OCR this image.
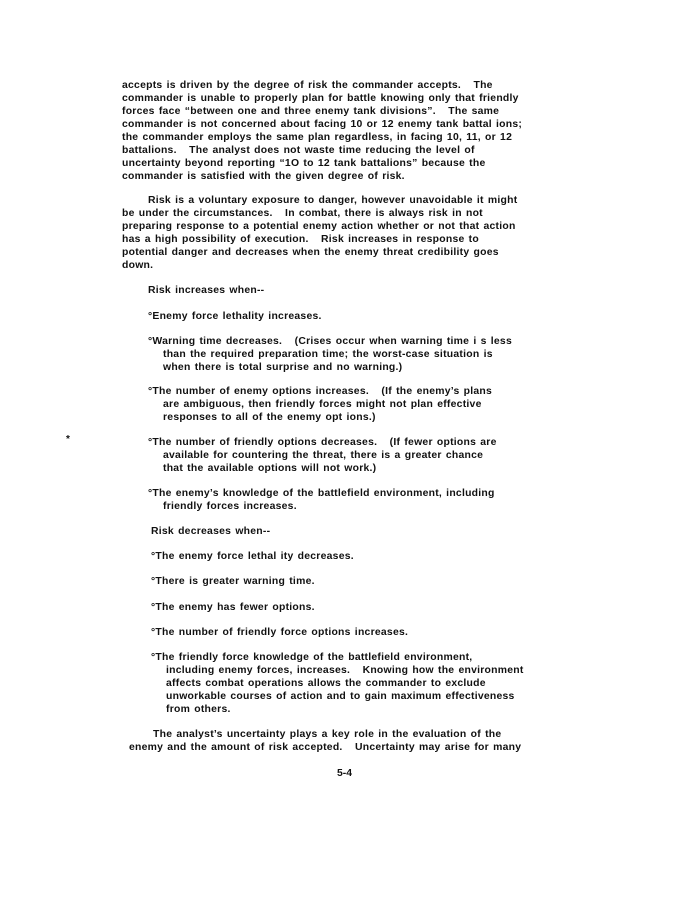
accepts is driven by the degree of risk the commander accepts.   The
commander is unable to properly plan for battle knowing only that friendly
forces face “between one and three enemy tank divisions”.   The same
commander is not concerned about facing 10 or 12 enemy tank battal ions;
the commander employs the same plan regardless, in facing 10, 11, or 12
battalions.   The analyst does not waste time reducing the level of
uncertainty beyond reporting “1O to 12 tank battalions” because the
commander is satisfied with the given degree of risk.
Risk is a voluntary exposure to danger, however unavoidable it might
be under the circumstances.   In combat, there is always risk in not
preparing response to a potential enemy action whether or not that action
has a high possibility of execution.   Risk increases in response to
potential danger and decreases when the enemy threat credibility goes
down.
Risk increases when--
°Enemy force lethality increases.
°Warning time decreases.   (Crises occur when warning time i s less
than the required preparation time; the worst-case situation is
when there is total surprise and no warning.)
°The number of enemy options increases.   (If the enemy’s plans
are ambiguous, then friendly forces might not plan effective
responses to all of the enemy opt ions.)
*	°The number of friendly options decreases.   (If fewer options are
available for countering the threat, there is a greater chance
that the available options will not work.)
°The enemy’s knowledge of the battlefield environment, including
friendly forces increases.
Risk decreases when--
°The enemy force lethal ity decreases.
°There is greater warning time.
°The enemy has fewer options.
°The number of friendly force options increases.
°The friendly force knowledge of the battlefield environment,
including enemy forces, increases.   Knowing how the environment
affects combat operations allows the commander to exclude
unworkable courses of action and to gain maximum effectiveness
from others.
The analyst’s uncertainty plays a key role in the evaluation of the
enemy and the amount of risk accepted.   Uncertainty may arise for many
5-4
